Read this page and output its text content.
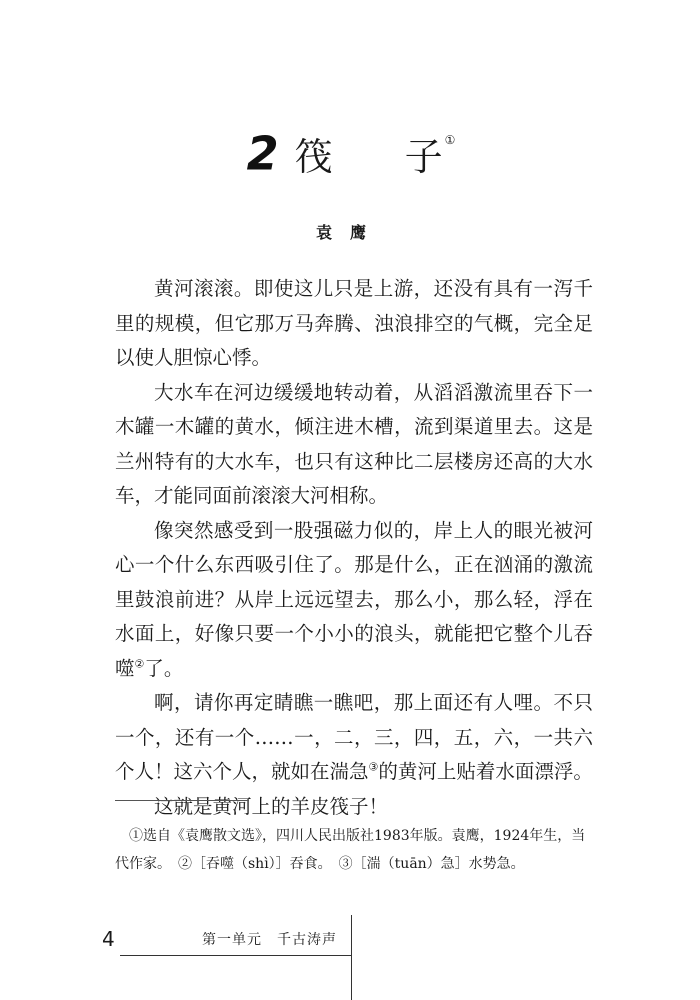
2 筏子 ①
袁鹰

黄河滚滚。即使这儿只是上游，还没有具有一泻千里的规模，但它那万马奔腾、浊浪排空的气概，完全足以使人胆惊心悸。

大水车在河边缓缓地转动着，从滔滔激流里吞下一木罐一木罐的黄水，倾注进木槽，流到渠道里去。这是兰州特有的大水车，也只有这种比二层楼房还高的大水车，才能同面前滚滚大河相称。

像突然感受到一股强磁力似的，岸上人的眼光被河心一个什么东西吸引住了。那是什么，正在汹涌的激流里鼓浪前进？从岸上远远望去，那么小，那么轻，浮在水面上，好像只要一个小小的浪头，就能把它整个儿吞噬②了。

啊，请你再定睛瞧一瞧吧，那上面还有人哩。不只一个，还有一个……一，二，三，四，五，六，一共六个人！这六个人，就如在湍急③的黄河上贴着水面漂浮。

这就是黄河上的羊皮筏子！

①选自《袁鹰散文选》，四川人民出版社1983年版。袁鹰，1924年生，当

代作家。　②［吞噬（shì）］吞食。　③［湍（tuān）急］水势急。

4	第一单元　千古涛声
